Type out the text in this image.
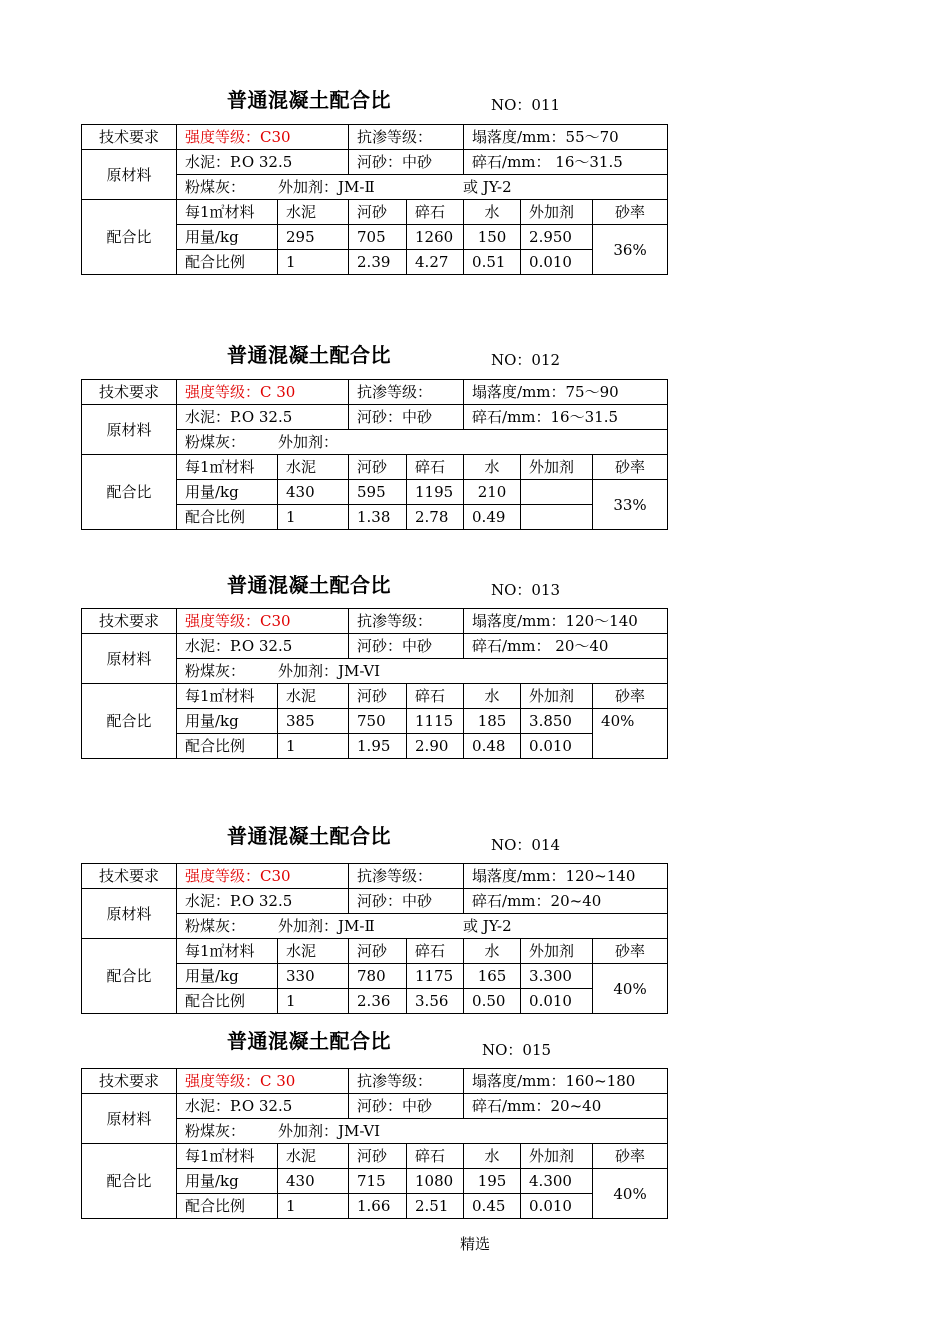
普通混凝土配合比	NO：011
技术要求	强度等级：C30		抗渗等级：		塌落度/mm：55～70		
原材料	水泥：P.O 32.5		河砂：中砂		碎石/mm： 16～31.5		
	粉煤灰： 外加剂：JM-Ⅱ 或 JY-2						
配合比	每1㎡材料	水泥	河砂	碎石	水	外加剂	砂率
	用量/kg	295	705	1260	150	2.950	36%
	配合比例	1	2.39	4.27	0.51	0.010	
普通混凝土配合比	NO：012
技术要求	强度等级：C 30		抗渗等级：		塌落度/mm：75～90		
原材料	水泥：P.O 32.5		河砂：中砂		碎石/mm：16～31.5		
	粉煤灰： 外加剂：						
配合比	每1㎡材料	水泥	河砂	碎石	水	外加剂	砂率
	用量/kg	430	595	1195	210		33%
	配合比例	1	1.38	2.78	0.49		
普通混凝土配合比	NO：013
技术要求	强度等级：C30		抗渗等级：		塌落度/mm：120～140		
原材料	水泥：P.O 32.5		河砂：中砂		碎石/mm： 20～40		
	粉煤灰： 外加剂：JM-VI						
配合比	每1㎡材料	水泥	河砂	碎石	水	外加剂	砂率
	用量/kg	385	750	1115	185	3.850	40%
	配合比例	1	1.95	2.90	0.48	0.010	
普通混凝土配合比	NO：014
技术要求	强度等级：C30		抗渗等级：		塌落度/mm：120~140		
原材料	水泥：P.O 32.5		河砂：中砂		碎石/mm：20~40		
	粉煤灰： 外加剂：JM-Ⅱ 或 JY-2						
配合比	每1㎡材料	水泥	河砂	碎石	水	外加剂	砂率
	用量/kg	330	780	1175	165	3.300	40%
	配合比例	1	2.36	3.56	0.50	0.010	
普通混凝土配合比	NO：015
技术要求	强度等级：C 30		抗渗等级：		塌落度/mm：160~180		
原材料	水泥：P.O 32.5		河砂：中砂		碎石/mm：20~40		
	粉煤灰： 外加剂：JM-VI						
配合比	每1㎡材料	水泥	河砂	碎石	水	外加剂	砂率
	用量/kg	430	715	1080	195	4.300	40%
	配合比例	1	1.66	2.51	0.45	0.010	
精选
